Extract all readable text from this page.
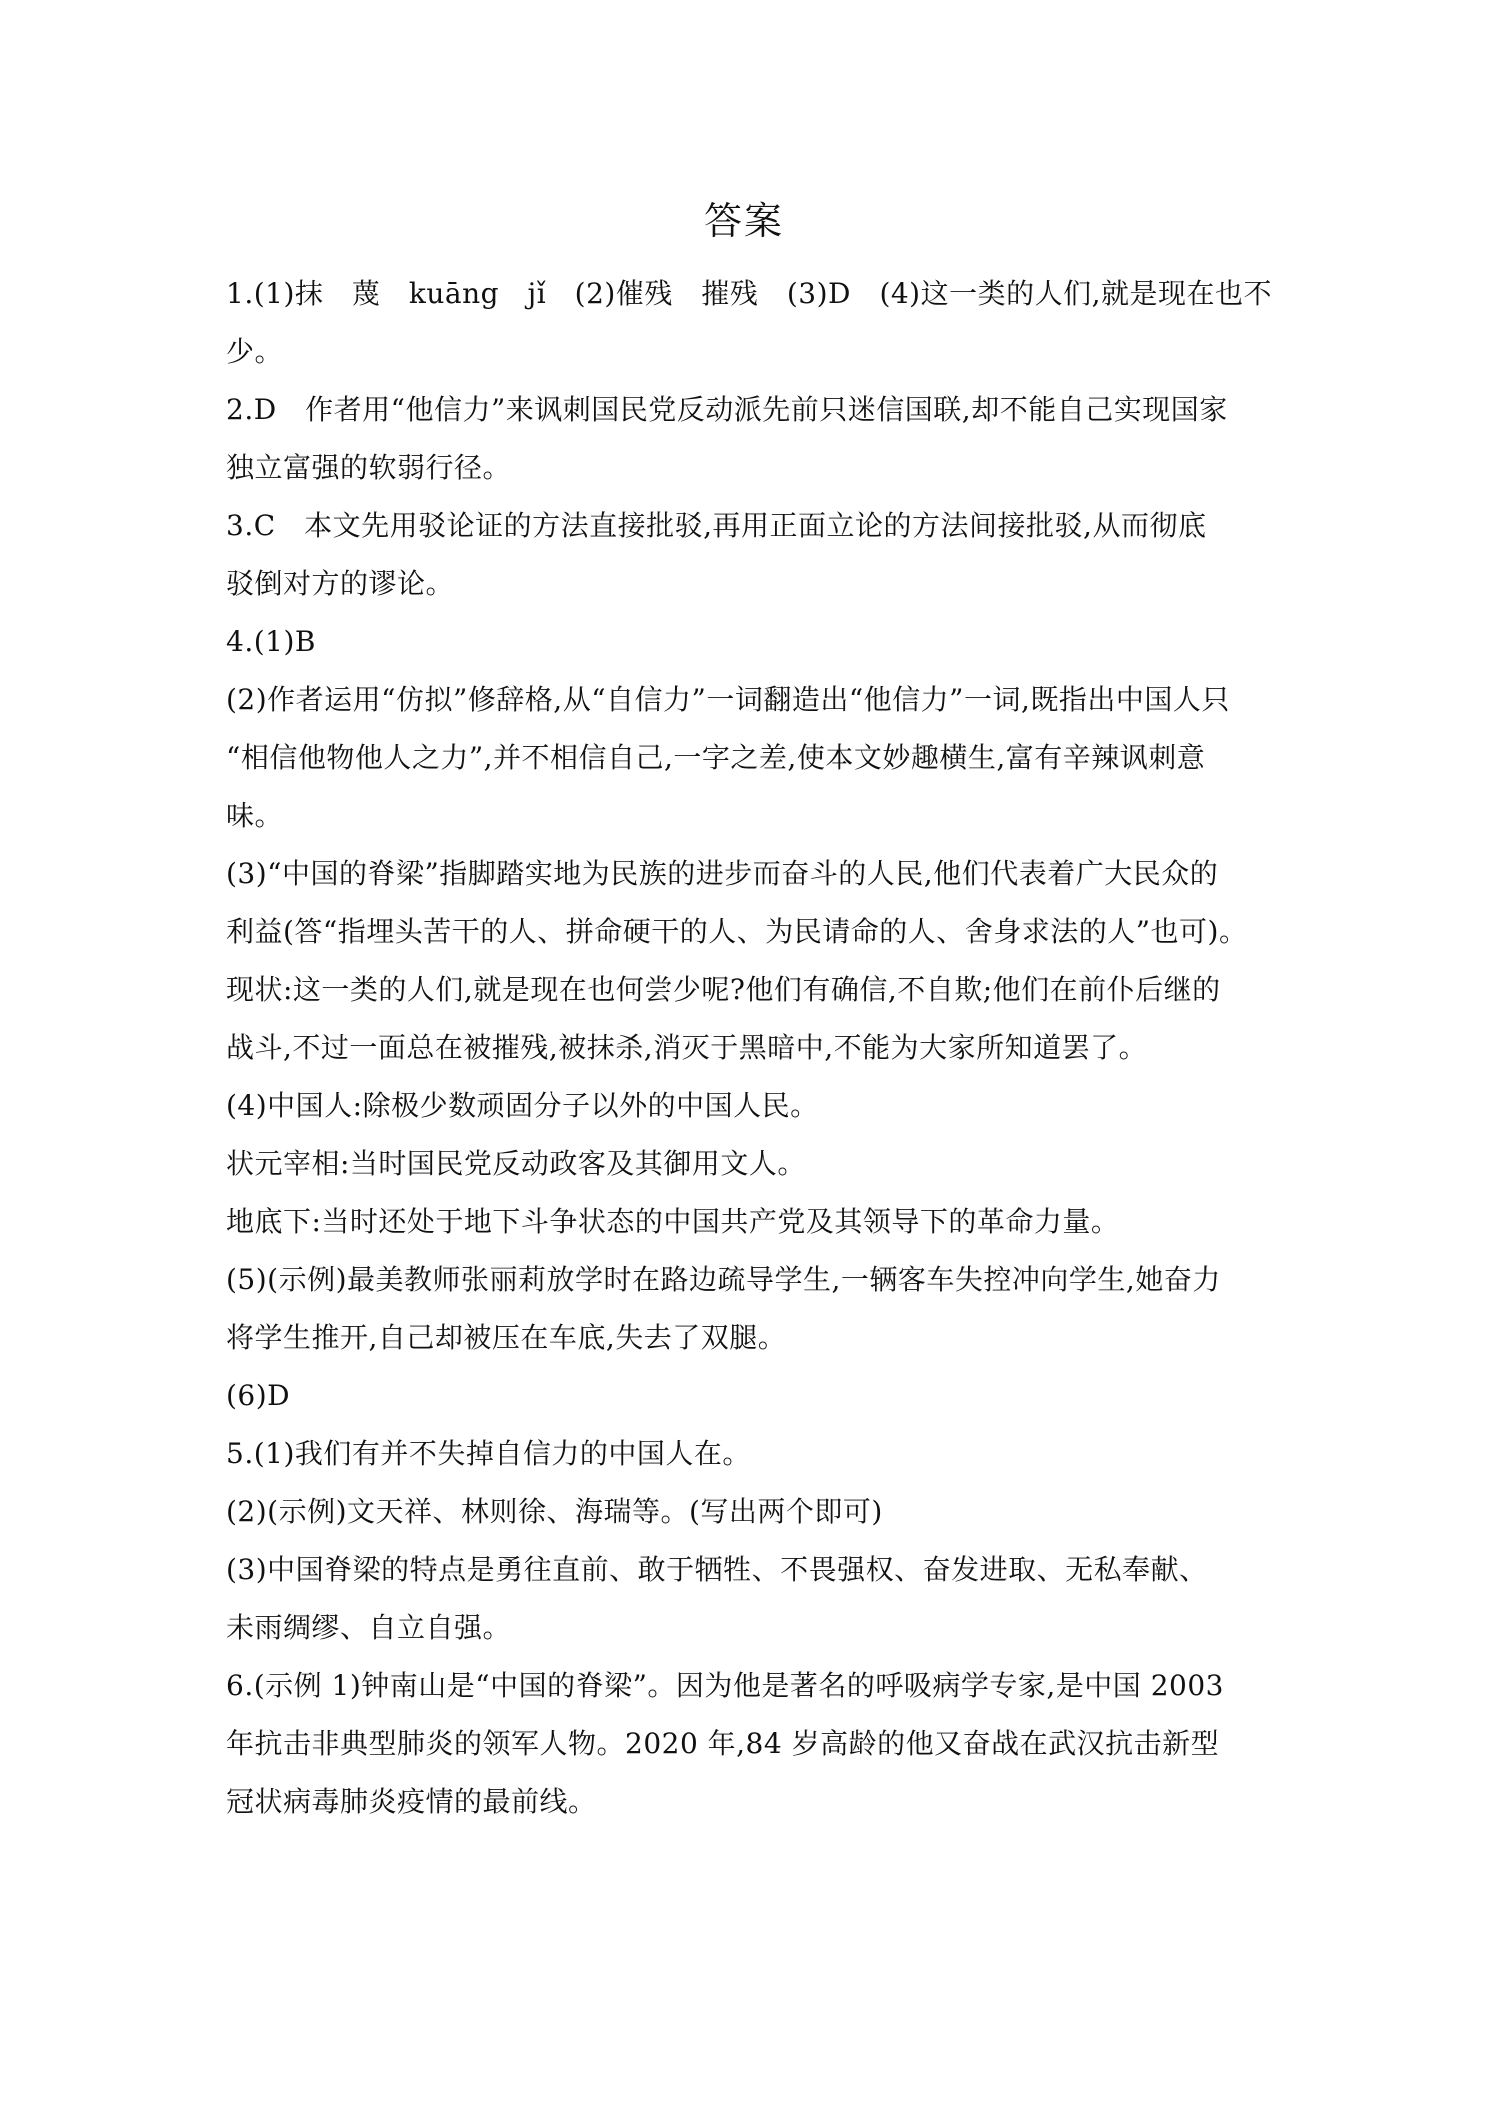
答案
1.(1)抹　蔑　kuāng　jǐ　(2)催残　摧残　(3)D　(4)这一类的人们,就是现在也不
少。
2.D　作者用“他信力”来讽刺国民党反动派先前只迷信国联,却不能自己实现国家
独立富强的软弱行径。
3.C　本文先用驳论证的方法直接批驳,再用正面立论的方法间接批驳,从而彻底
驳倒对方的谬论。
4.(1)B
(2)作者运用“仿拟”修辞格,从“自信力”一词翻造出“他信力”一词,既指出中国人只
“相信他物他人之力”,并不相信自己,一字之差,使本文妙趣横生,富有辛辣讽刺意
味。
(3)“中国的脊梁”指脚踏实地为民族的进步而奋斗的人民,他们代表着广大民众的
利益(答“指埋头苦干的人、拼命硬干的人、为民请命的人、舍身求法的人”也可)。
现状:这一类的人们,就是现在也何尝少呢?他们有确信,不自欺;他们在前仆后继的
战斗,不过一面总在被摧残,被抹杀,消灭于黑暗中,不能为大家所知道罢了。
(4)中国人:除极少数顽固分子以外的中国人民。
状元宰相:当时国民党反动政客及其御用文人。
地底下:当时还处于地下斗争状态的中国共产党及其领导下的革命力量。
(5)(示例)最美教师张丽莉放学时在路边疏导学生,一辆客车失控冲向学生,她奋力
将学生推开,自己却被压在车底,失去了双腿。
(6)D
5.(1)我们有并不失掉自信力的中国人在。
(2)(示例)文天祥、林则徐、海瑞等。(写出两个即可)
(3)中国脊梁的特点是勇往直前、敢于牺牲、不畏强权、奋发进取、无私奉献、
未雨绸缪、自立自强。
6.(示例 1)钟南山是“中国的脊梁”。因为他是著名的呼吸病学专家,是中国 2003
年抗击非典型肺炎的领军人物。2020 年,84 岁高龄的他又奋战在武汉抗击新型
冠状病毒肺炎疫情的最前线。
